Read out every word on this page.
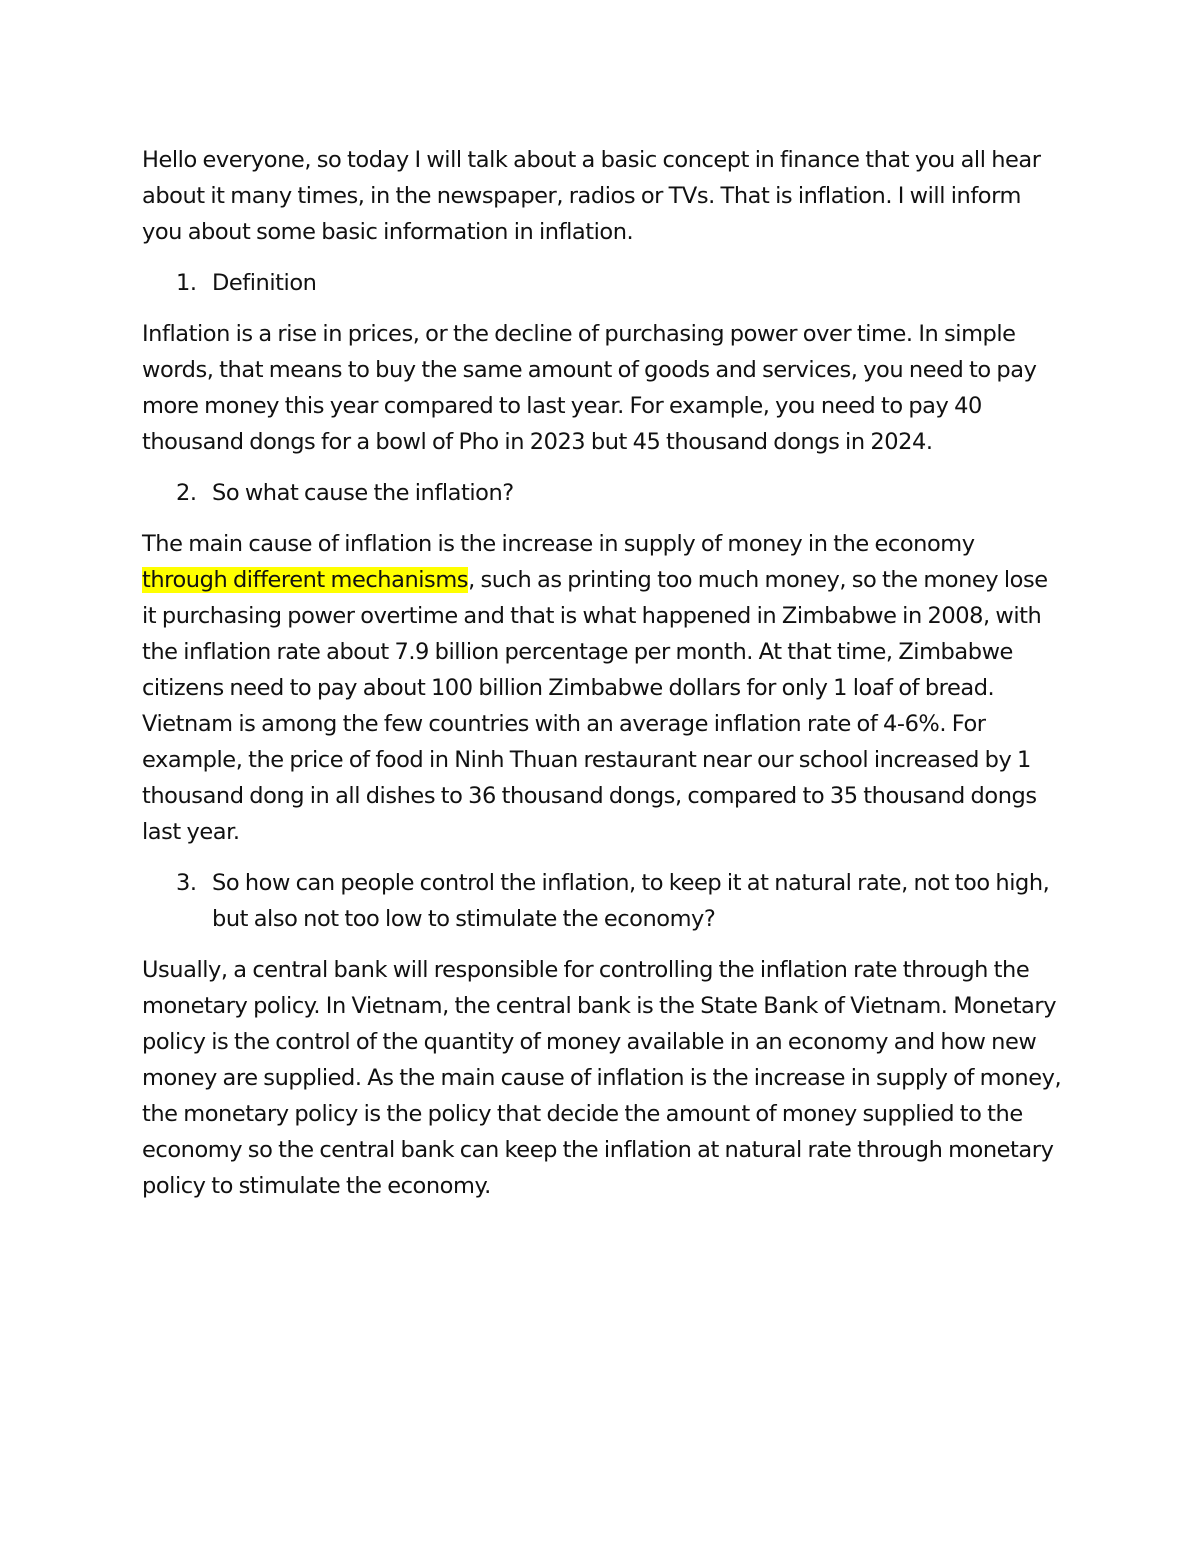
Hello everyone, so today I will talk about a basic concept in finance that you all hear about it many times, in the newspaper, radios or TVs. That is inflation. I will inform you about some basic information in inflation.

1. Definition

Inflation is a rise in prices, or the decline of purchasing power over time. In simple words, that means to buy the same amount of goods and services, you need to pay more money this year compared to last year. For example, you need to pay 40 thousand dongs for a bowl of Pho in 2023 but 45 thousand dongs in 2024.

2. So what cause the inflation?

The main cause of inflation is the increase in supply of money in the economy through different mechanisms, such as printing too much money, so the money lose it purchasing power overtime and that is what happened in Zimbabwe in 2008, with the inflation rate about 7.9 billion percentage per month. At that time, Zimbabwe citizens need to pay about 100 billion Zimbabwe dollars for only 1 loaf of bread. Vietnam is among the few countries with an average inflation rate of 4-6%. For example, the price of food in Ninh Thuan restaurant near our school increased by 1 thousand dong in all dishes to 36 thousand dongs, compared to 35 thousand dongs last year.

3. So how can people control the inflation, to keep it at natural rate, not too high, but also not too low to stimulate the economy?

Usually, a central bank will responsible for controlling the inflation rate through the monetary policy. In Vietnam, the central bank is the State Bank of Vietnam. Monetary policy is the control of the quantity of money available in an economy and how new money are supplied. As the main cause of inflation is the increase in supply of money, the monetary policy is the policy that decide the amount of money supplied to the economy so the central bank can keep the inflation at natural rate through monetary policy to stimulate the economy.
